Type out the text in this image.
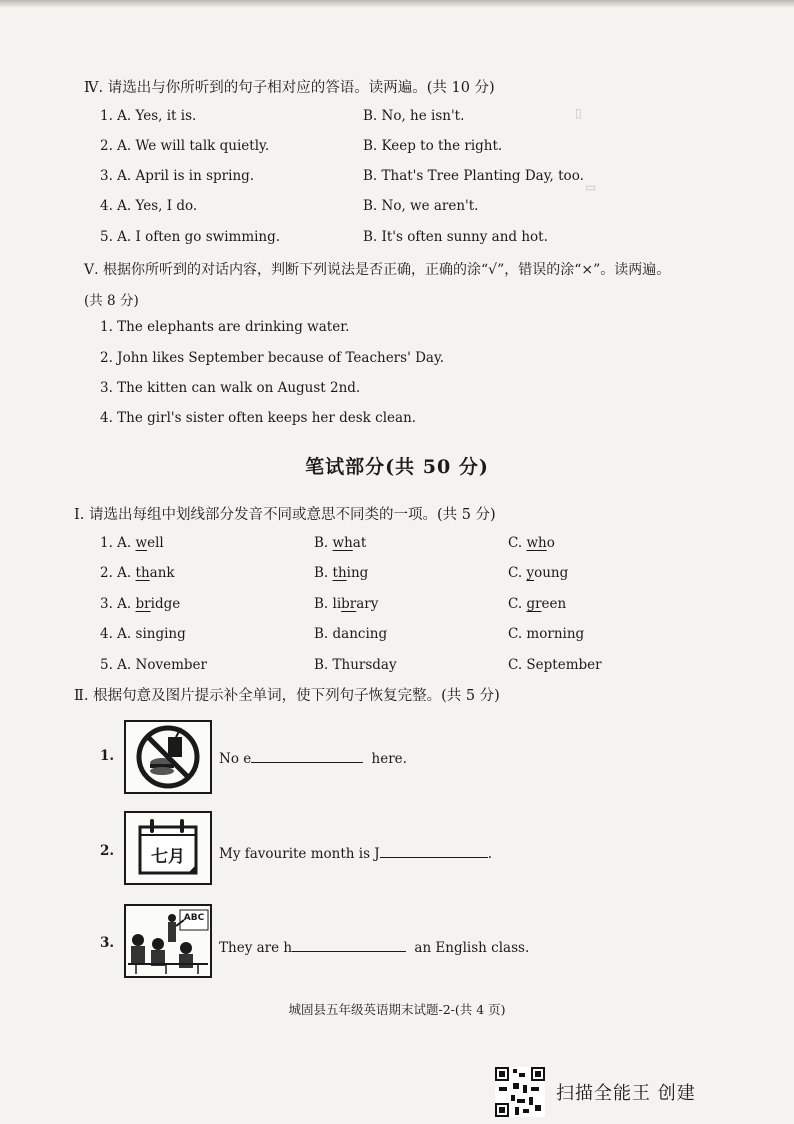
▯
▭
Ⅳ. 请选出与你所听到的句子相对应的答语。读两遍。(共 10 分)
1. A. Yes, it is.	B. No, he isn't.
2. A. We will talk quietly.	B. Keep to the right.
3. A. April is in spring.	B. That's Tree Planting Day, too.
4. A. Yes, I do.	B. No, we aren't.
5. A. I often go swimming.	B. It's often sunny and hot.
Ⅴ. 根据你所听到的对话内容，判断下列说法是否正确，正确的涂“√”，错误的涂“×”。读两遍。
(共 8 分)
1. The elephants are drinking water.
2. John likes September because of Teachers' Day.
3. The kitten can walk on August 2nd.
4. The girl's sister often keeps her desk clean.
笔试部分(共 50 分)
Ⅰ. 请选出每组中划线部分发音不同或意思不同类的一项。(共 5 分)
1. A. well	B. what	C. who
2. A. thank	B. thing	C. young
3. A. bridge	B. library	C. green
4. A. singing	B. dancing	C. morning
5. A. November	B. Thursday	C. September
Ⅱ. 根据句意及图片提示补全单词，使下列句子恢复完整。(共 5 分)
1.	No e	here.
2.	七月	My favourite month is J	.
3.
ABC
They are h	an English class.
城固县五年级英语期末试题-2-(共 4 页)
扫描全能王 创建
